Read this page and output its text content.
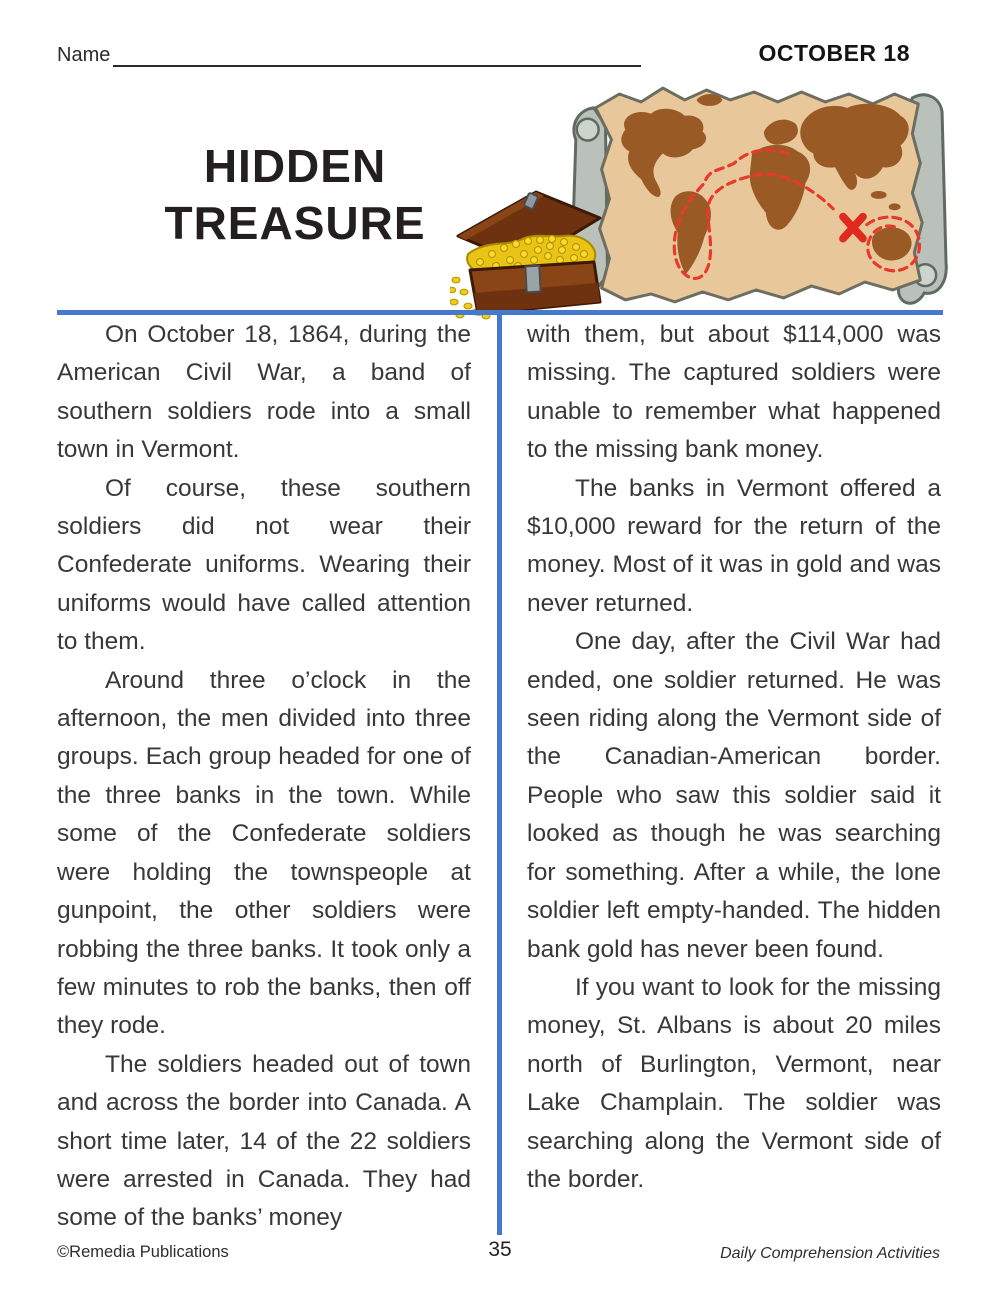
Name	OCTOBER 18
HIDDEN
TREASURE

On October 18, 1864, during the American Civil War, a band of southern soldiers rode into a small town in Vermont.

Of course, these southern soldiers did not wear their Confederate uniforms. Wearing their uniforms would have called attention to them.

Around three o’clock in the afternoon, the men divided into three groups. Each group headed for one of the three banks in the town. While some of the Confederate soldiers were holding the townspeople at gunpoint, the other soldiers were robbing the three banks. It took only a few minutes to rob the banks, then off they rode.

The soldiers headed out of town and across the border into Canada. A short time later, 14 of the 22 soldiers were arrested in Canada. They had some of the banks’ money

with them, but about $114,000 was missing. The captured soldiers were unable to remember what happened to the missing bank money.

The banks in Vermont offered a $10,000 reward for the return of the money. Most of it was in gold and was never returned.

One day, after the Civil War had ended, one soldier returned. He was seen riding along the Vermont side of the Canadian-American border. People who saw this soldier said it looked as though he was searching for something. After a while, the lone soldier left empty-handed. The hidden bank gold has never been found.

If you want to look for the missing money, St. Albans is about 20 miles north of Burlington, Vermont, near Lake Champlain. The soldier was searching along the Vermont side of the border.

©Remedia Publications	35	Daily Comprehension Activities
